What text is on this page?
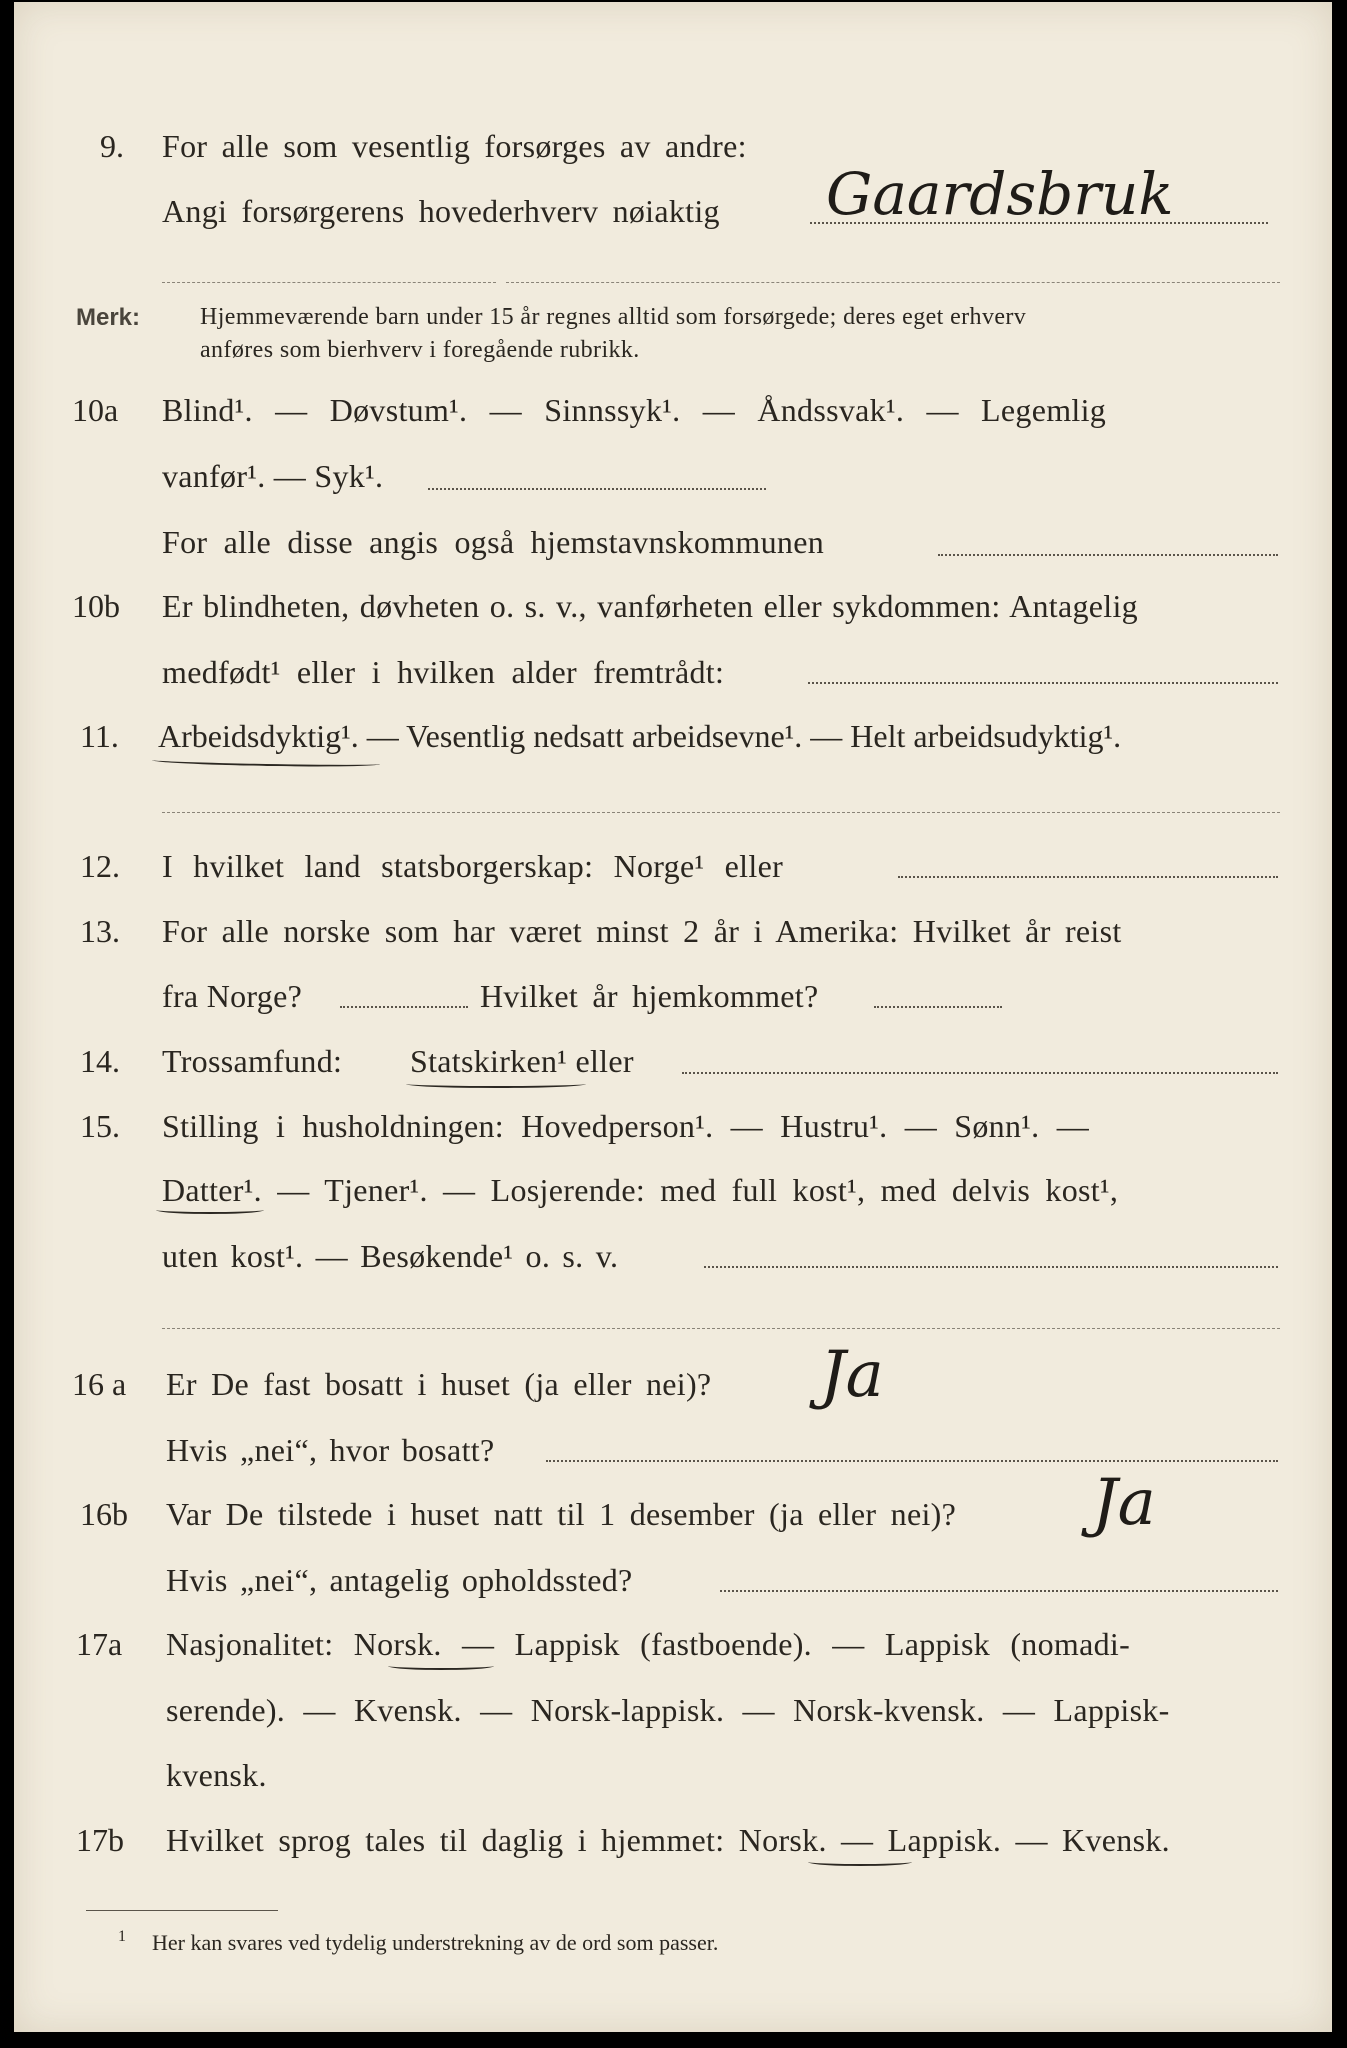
9. For alle som vesentlig forsørges av andre:
Angi forsørgerens hovederhverv nøiaktig Gaardsbruk
Merk: Hjemmeværende barn under 15 år regnes alltid som forsørgede; deres eget erhverv
anføres som bierhverv i foregående rubrikk.
10a Blind¹. — Døvstum¹. — Sinnssyk¹. — Åndssvak¹. — Legemlig
vanfør¹. — Syk¹.
For alle disse angis også hjemstavnskommunen
10b Er blindheten, døvheten o. s. v., vanførheten eller sykdommen: Antagelig
medfødt¹ eller i hvilken alder fremtrådt:
11. Arbeidsdyktig¹. — Vesentlig nedsatt arbeidsevne¹. — Helt arbeidsudyktig¹.
12. I hvilket land statsborgerskap: Norge¹ eller
13. For alle norske som har været minst 2 år i Amerika: Hvilket år reist
fra Norge?	Hvilket år hjemkommet?
14. Trossamfund: Statskirken¹ eller
15. Stilling i husholdningen: Hovedperson¹. — Hustru¹. — Sønn¹. —
Datter¹. — Tjener¹. — Losjerende: med full kost¹, med delvis kost¹,
uten kost¹. — Besøkende¹ o. s. v.
16 a Er De fast bosatt i huset (ja eller nei)? Ja
Hvis „nei“, hvor bosatt?
16b Var De tilstede i huset natt til 1 desember (ja eller nei)? Ja
Hvis „nei“, antagelig opholdssted?
17a Nasjonalitet: Norsk. — Lappisk (fastboende). — Lappisk (nomadi-
serende). — Kvensk. — Norsk-lappisk. — Norsk-kvensk. — Lappisk-
kvensk.
17b Hvilket sprog tales til daglig i hjemmet: Norsk. — Lappisk. — Kvensk.
1 Her kan svares ved tydelig understrekning av de ord som passer.
